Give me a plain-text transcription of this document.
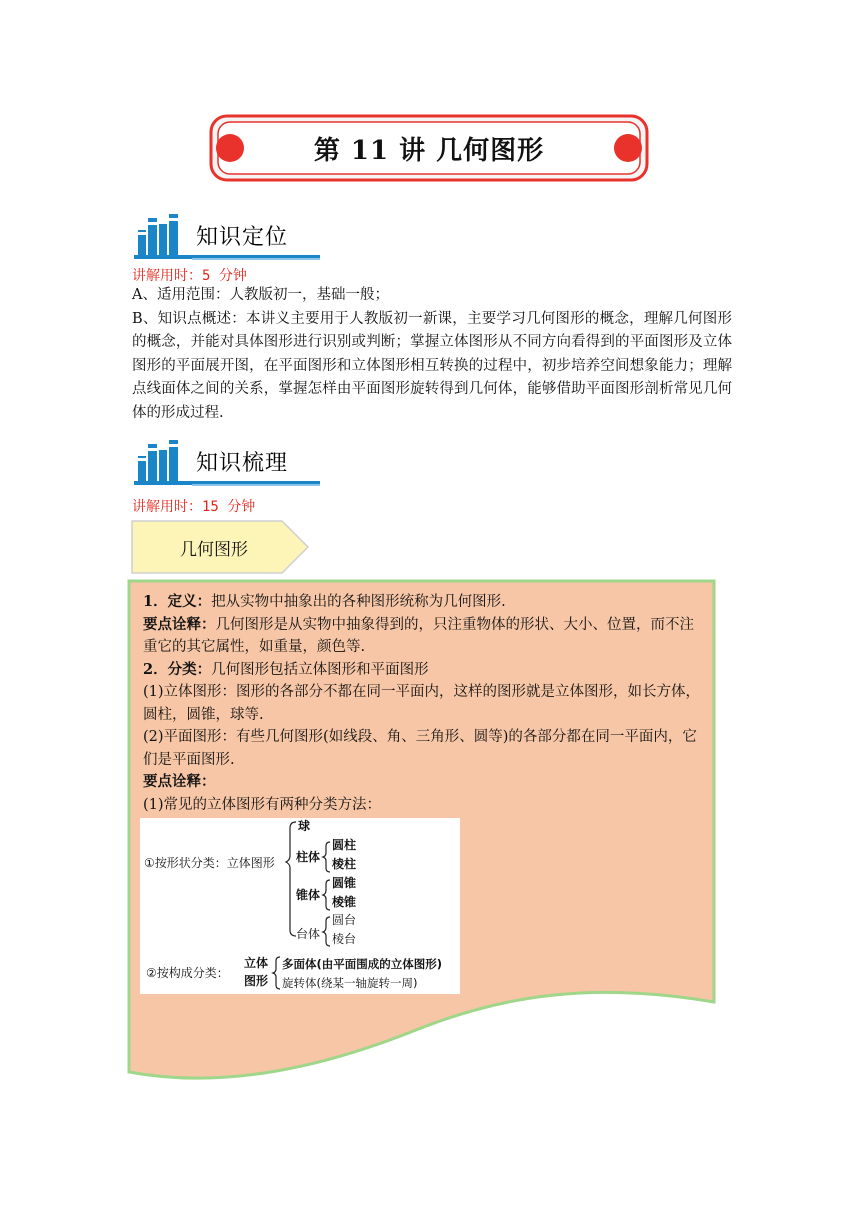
第 11 讲 几何图形
知识定位
讲解用时：5 分钟

A、适用范围：人教版初一，基础一般；

B、知识点概述：本讲义主要用于人教版初一新课，主要学习几何图形的概念，理解几何图形的概念，并能对具体图形进行识别或判断；掌握立体图形从不同方向看得到的平面图形及立体图形的平面展开图，在平面图形和立体图形相互转换的过程中，初步培养空间想象能力；理解点线面体之间的关系，掌握怎样由平面图形旋转得到几何体，能够借助平面图形剖析常见几何体的形成过程.

知识梳理
讲解用时：15 分钟
几何图形

1．定义：把从实物中抽象出的各种图形统称为几何图形.

要点诠释：几何图形是从实物中抽象得到的，只注重物体的形状、大小、位置，而不注重它的其它属性，如重量，颜色等.

2．分类：几何图形包括立体图形和平面图形

(1)立体图形：图形的各部分不都在同一平面内，这样的图形就是立体图形，如长方体，圆柱，圆锥，球等.

(2)平面图形：有些几何图形(如线段、角、三角形、圆等)的各部分都在同一平面内，它们是平面图形.

要点诠释：

(1)常见的立体图形有两种分类方法：

①按形状分类：立体图形
球
柱体
圆柱
棱柱
锥体
圆锥
棱锥
台体
圆台
棱台
②按构成分类：
立体
图形
多面体(由平面围成的立体图形)
旋转体(绕某一轴旋转一周)
